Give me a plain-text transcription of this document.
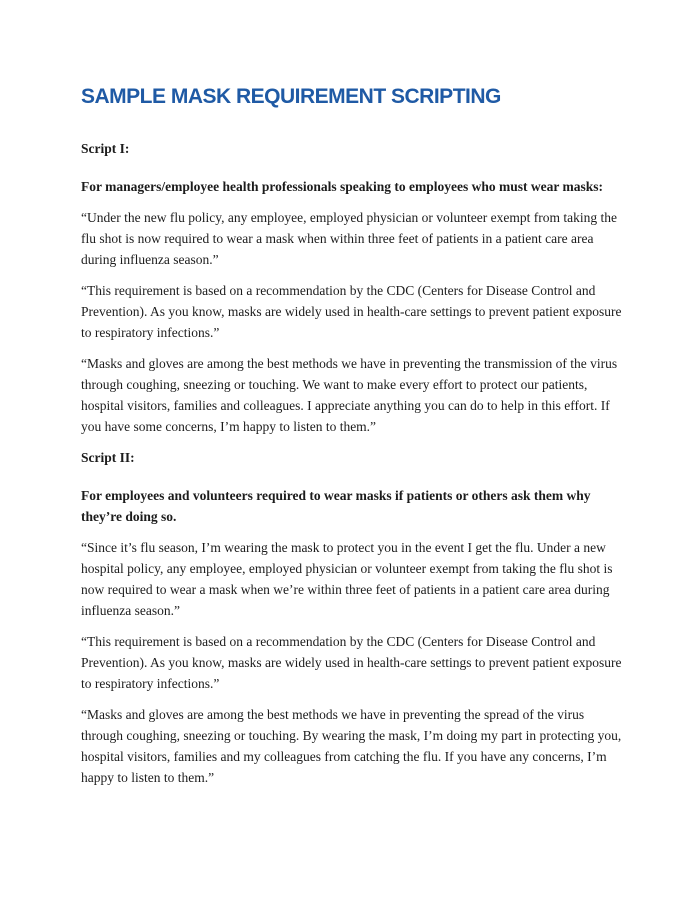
SAMPLE MASK REQUIREMENT SCRIPTING

Script I:

For managers/employee health professionals speaking to employees who must wear masks:

“Under the new flu policy, any employee, employed physician or volunteer exempt from taking the flu shot is now required to wear a mask when within three feet of patients in a patient care area during influenza season.”

“This requirement is based on a recommendation by the CDC (Centers for Disease Control and Prevention). As you know, masks are widely used in health-care settings to prevent patient exposure to respiratory infections.”

“Masks and gloves are among the best methods we have in preventing the transmission of the virus through coughing, sneezing or touching. We want to make every effort to protect our patients, hospital visitors, families and colleagues. I appreciate anything you can do to help in this effort. If you have some concerns, I’m happy to listen to them.”

Script II:

For employees and volunteers required to wear masks if patients or others ask them why they’re doing so.

“Since it’s flu season, I’m wearing the mask to protect you in the event I get the flu. Under a new hospital policy, any employee, employed physician or volunteer exempt from taking the flu shot is now required to wear a mask when we’re within three feet of patients in a patient care area during influenza season.”

“This requirement is based on a recommendation by the CDC (Centers for Disease Control and Prevention). As you know, masks are widely used in health-care settings to prevent patient exposure to respiratory infections.”

“Masks and gloves are among the best methods we have in preventing the spread of the virus through coughing, sneezing or touching. By wearing the mask, I’m doing my part in protecting you, hospital visitors, families and my colleagues from catching the flu. If you have any concerns, I’m happy to listen to them.”
